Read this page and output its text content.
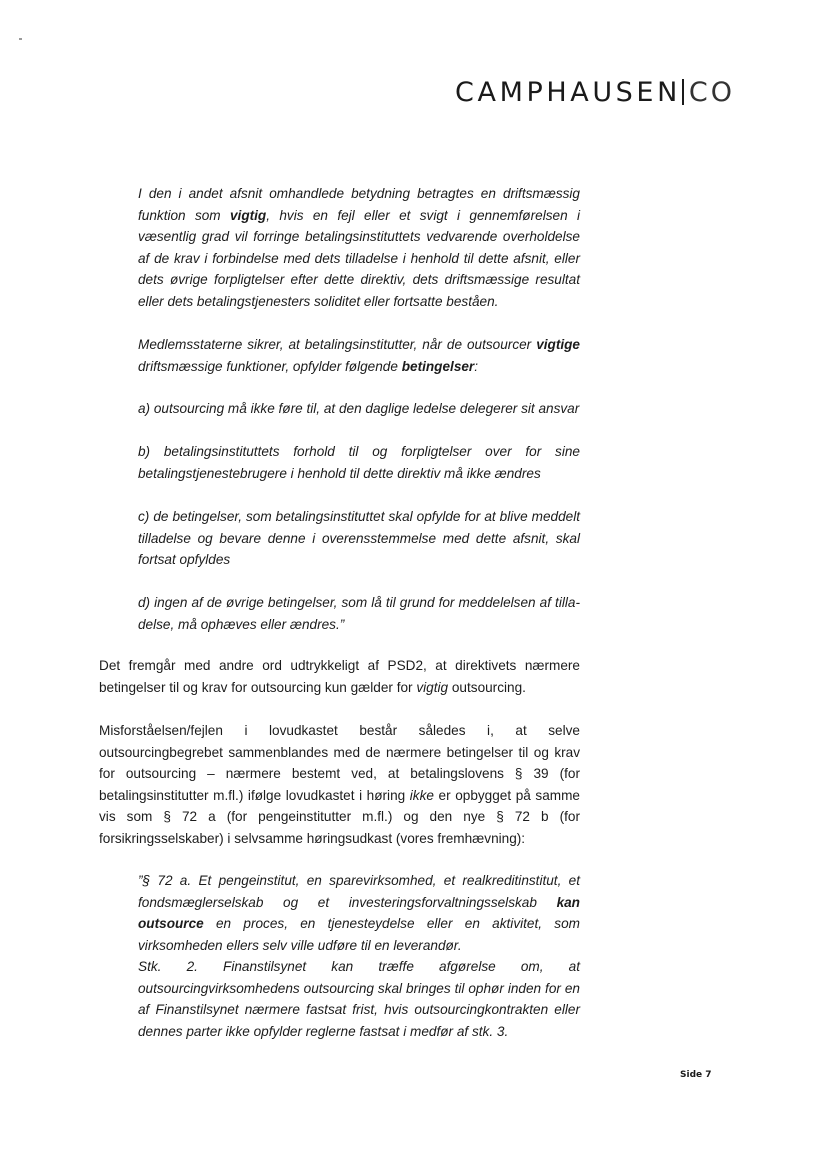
CAMPHAUSEN CO

I den i andet afsnit omhandlede betydning betragtes en driftsmæssig funktion som vigtig, hvis en fejl eller et svigt i gennemførelsen i væsentlig grad vil forringe betalingsinstituttets vedvarende overholdelse af de krav i forbindelse med dets tilladelse i henhold til dette afsnit, eller dets øvrige forpligtelser efter dette direktiv, dets driftsmæssige resultat eller dets betalingstjenesters soliditet eller fortsatte beståen.

Medlemsstaterne sikrer, at betalingsinstitutter, når de outsourcer vigtige driftsmæssige funktioner, opfylder følgende betingelser:

a) outsourcing må ikke føre til, at den daglige ledelse delegerer sit ansvar

b) betalingsinstituttets forhold til og forpligtelser over for sine betalingstjenestebrugere i henhold til dette direktiv må ikke ændres

c) de betingelser, som betalingsinstituttet skal opfylde for at blive meddelt tilladelse og bevare denne i overensstemmelse med dette afsnit, skal fortsat opfyldes

d) ingen af de øvrige betingelser, som lå til grund for meddelelsen af tilladelse, må ophæves eller ændres.”

Det fremgår med andre ord udtrykkeligt af PSD2, at direktivets nærmere betingelser til og krav for outsourcing kun gælder for vigtig outsourcing.

Misforståelsen/fejlen i lovudkastet består således i, at selve outsourcingbegrebet sammenblandes med de nærmere betingelser til og krav for outsourcing – nærmere bestemt ved, at betalingslovens § 39 (for betalingsinstitutter m.fl.) ifølge lovudkastet i høring ikke er opbygget på samme vis som § 72 a (for pengeinstitutter m.fl.) og den nye § 72 b (for forsikringsselskaber) i selvsamme høringsudkast (vores fremhævning):

”§ 72 a. Et pengeinstitut, en sparevirksomhed, et realkreditinstitut, et fondsmæglerselskab og et investeringsforvaltningsselskab kan outsource en proces, en tjenesteydelse eller en aktivitet, som virksomheden ellers selv ville udføre til en leverandør.

Stk. 2. Finanstilsynet kan træffe afgørelse om, at outsourcingvirksomhedens outsourcing skal bringes til ophør inden for en af Finanstilsynet nærmere fastsat frist, hvis outsourcingkontrakten eller dennes parter ikke opfylder reglerne fastsat i medfør af stk. 3.

Side 7
